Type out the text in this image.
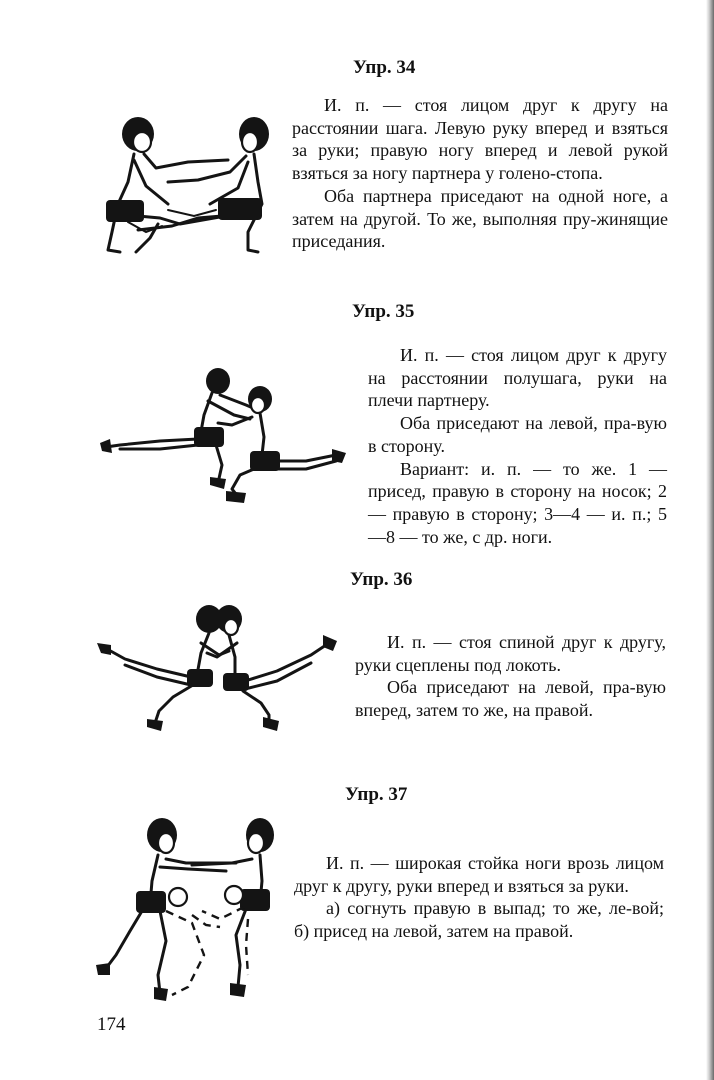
Упр. 34

И. п. — стоя лицом друг к другу на расстоянии шага. Левую руку вперед и взяться за руки; правую ногу вперед и левой рукой взяться за ногу партнера у голено-стопа.

Оба партнера приседают на одной ноге, а затем на другой. То же, выполняя пру-жинящие приседания.

Упр. 35

И. п. — стоя лицом друг к другу на расстоянии полушага, руки на плечи партнеру.

Оба приседают на левой, пра-вую в сторону.

Вариант: и. п. — то же. 1 — присед, правую в сторону на носок; 2 — правую в сторону; 3—4 — и. п.; 5—8 — то же, с др. ноги.

Упр. 36

И. п. — стоя спиной друг к другу, руки сцеплены под локоть.

Оба приседают на левой, пра-вую вперед, затем то же, на правой.

Упр. 37

И. п. — широкая стойка ноги врозь лицом друг к другу, руки вперед и взяться за руки.

а) согнуть правую в выпад; то же, ле-вой; б) присед на левой, затем на правой.

174
